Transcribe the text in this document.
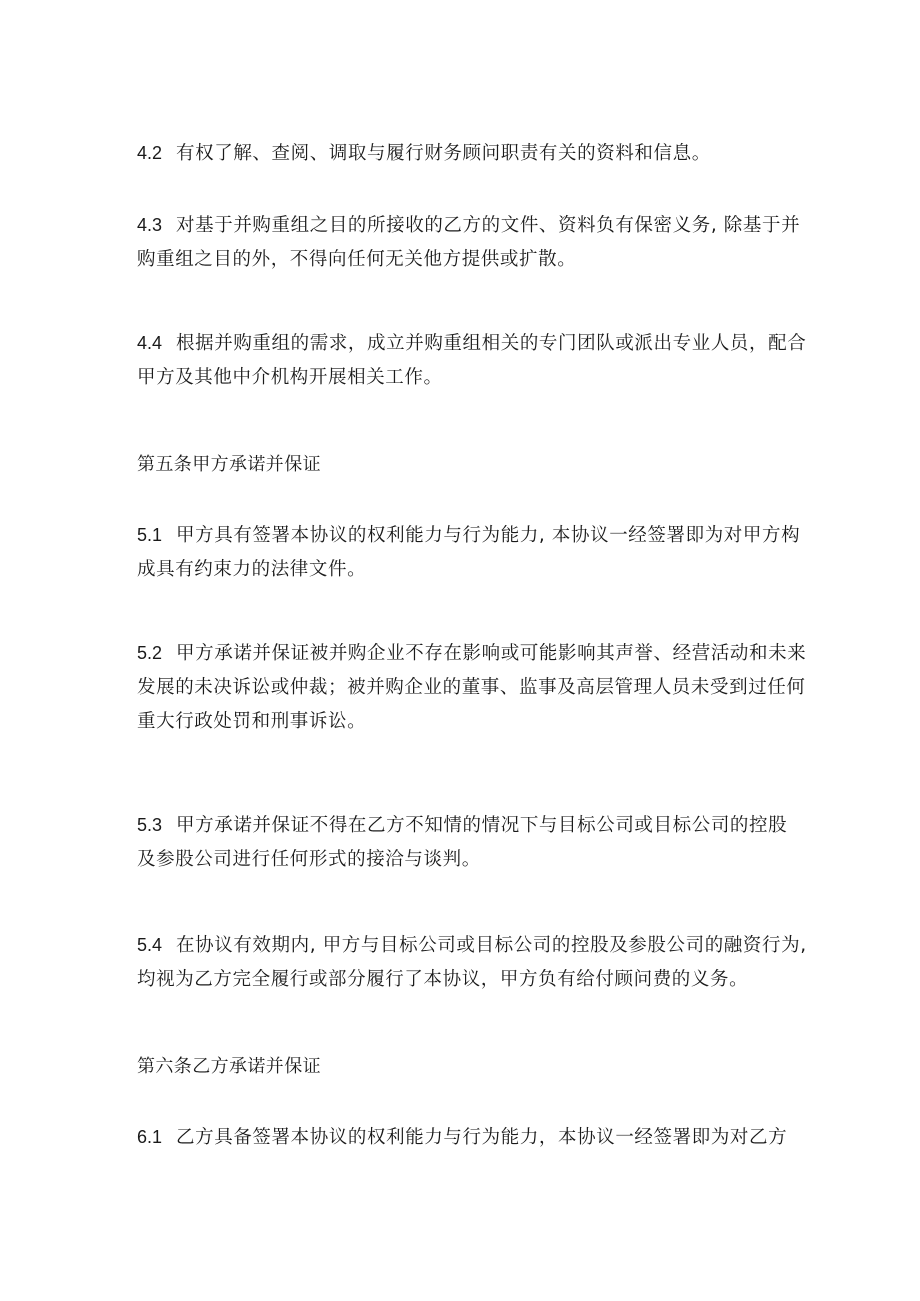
4.2 有权了解、查阅、调取与履行财务顾问职责有关的资料和信息。
4.3 对基于并购重组之目的所接收的乙方的文件、资料负有保密义务, 除基于并
购重组之目的外，不得向任何无关他方提供或扩散。
4.4 根据并购重组的需求，成立并购重组相关的专门团队或派出专业人员，配合
甲方及其他中介机构开展相关工作。
第五条甲方承诺并保证
5.1 甲方具有签署本协议的权利能力与行为能力, 本协议一经签署即为对甲方构
成具有约束力的法律文件。
5.2 甲方承诺并保证被并购企业不存在影响或可能影响其声誉、经营活动和未来
发展的未决诉讼或仲裁；被并购企业的董事、监事及高层管理人员未受到过任何
重大行政处罚和刑事诉讼。
5.3 甲方承诺并保证不得在乙方不知情的情况下与目标公司或目标公司的控股
及参股公司进行任何形式的接洽与谈判。
5.4 在协议有效期内, 甲方与目标公司或目标公司的控股及参股公司的融资行为,
均视为乙方完全履行或部分履行了本协议，甲方负有给付顾问费的义务。
第六条乙方承诺并保证
6.1 乙方具备签署本协议的权利能力与行为能力，本协议一经签署即为对乙方
